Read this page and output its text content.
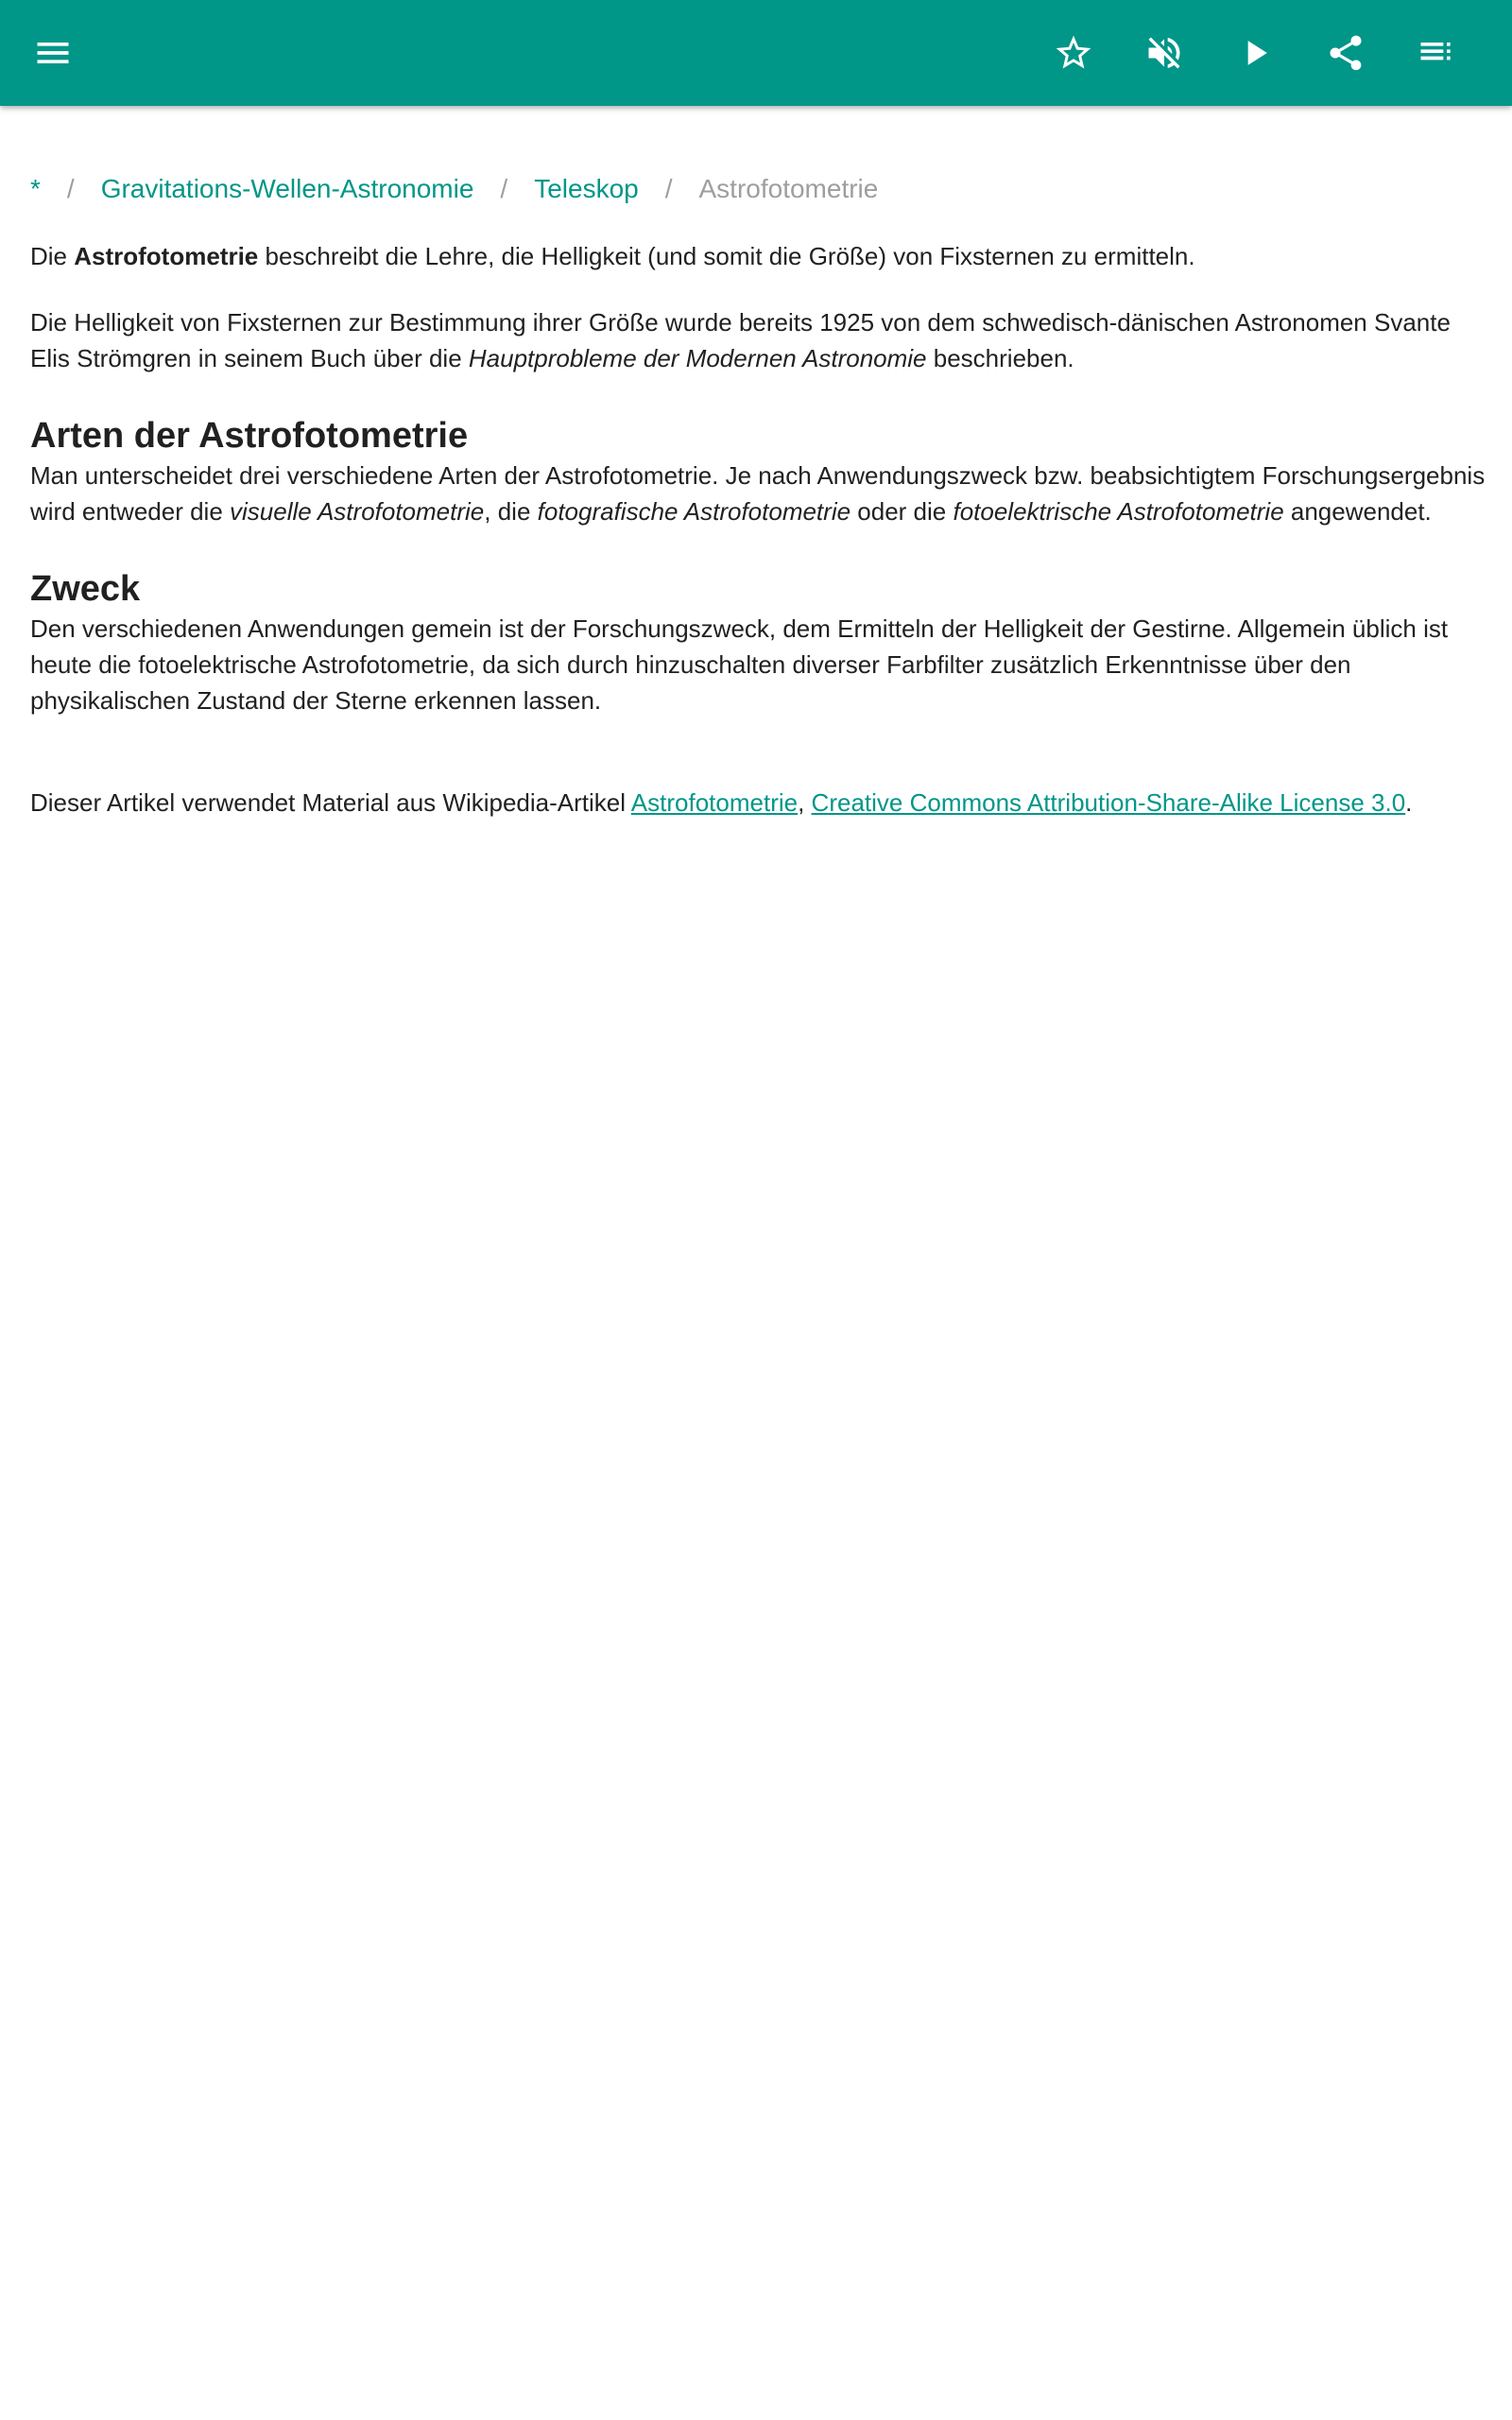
* / Gravitations-Wellen-Astronomie / Teleskop / Astrofotometrie

Die Astrofotometrie beschreibt die Lehre, die Helligkeit (und somit die Größe) von Fixsternen zu ermitteln.

Die Helligkeit von Fixsternen zur Bestimmung ihrer Größe wurde bereits 1925 von dem schwedisch-dänischen Astronomen Svante Elis Strömgren in seinem Buch über die Hauptprobleme der Modernen Astronomie beschrieben.

Arten der Astrofotometrie

Man unterscheidet drei verschiedene Arten der Astrofotometrie. Je nach Anwendungszweck bzw. beabsichtigtem Forschungsergebnis wird entweder die visuelle Astrofotometrie, die fotografische Astrofotometrie oder die fotoelektrische Astrofotometrie angewendet.

Zweck

Den verschiedenen Anwendungen gemein ist der Forschungszweck, dem Ermitteln der Helligkeit der Gestirne. Allgemein üblich ist heute die fotoelektrische Astrofotometrie, da sich durch hinzuschalten diverser Farbfilter zusätzlich Erkenntnisse über den physikalischen Zustand der Sterne erkennen lassen.

Dieser Artikel verwendet Material aus Wikipedia-Artikel Astrofotometrie, Creative Commons Attribution-Share-Alike License 3.0.
